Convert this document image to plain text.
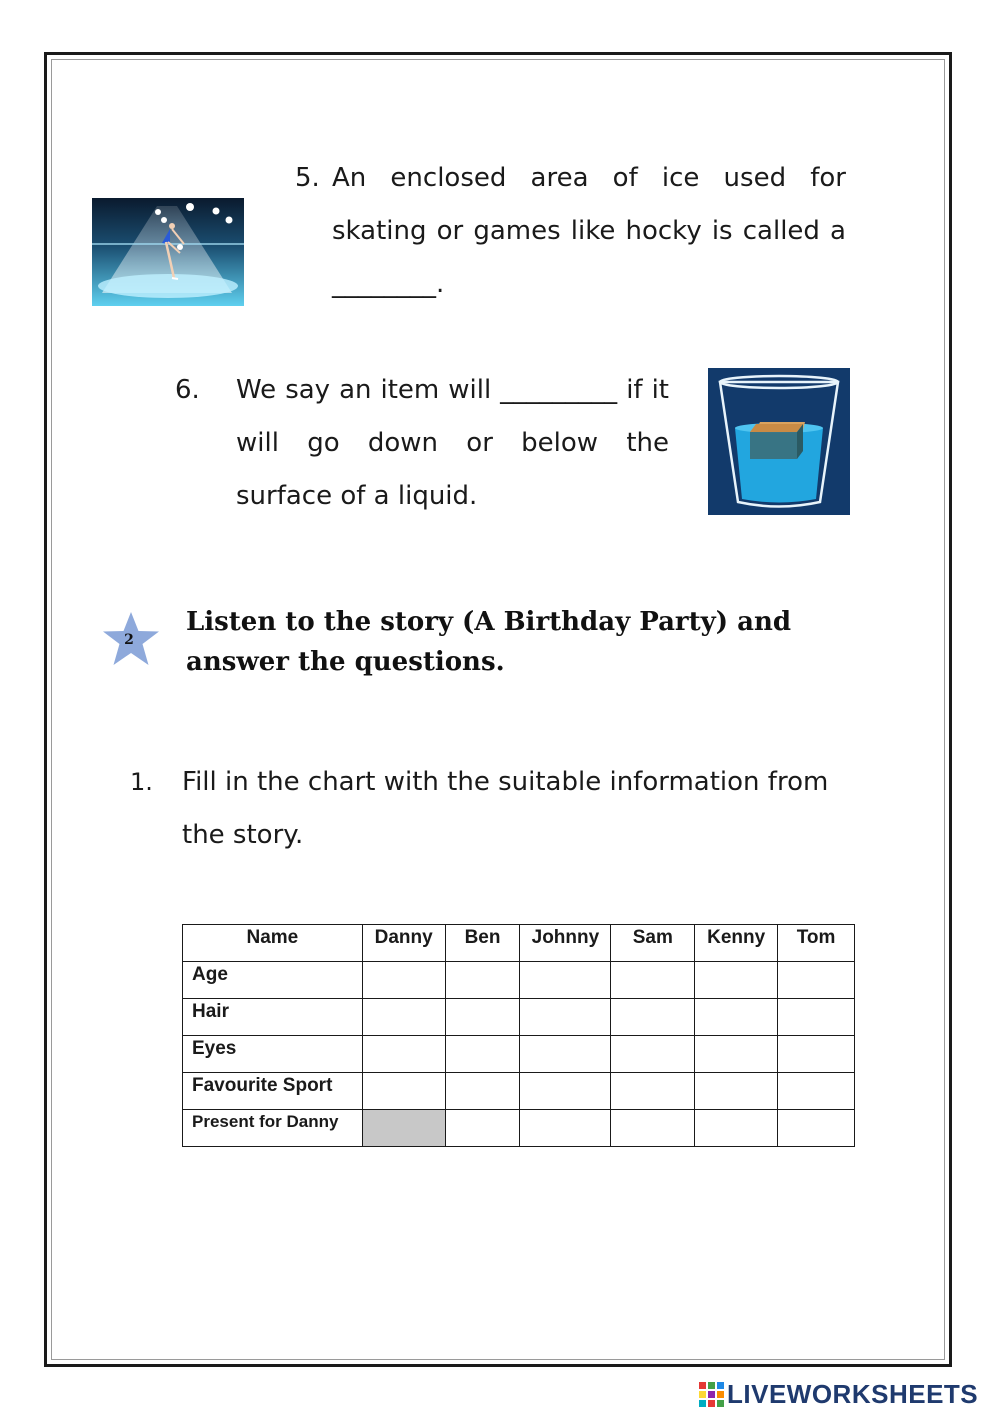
5. An enclosed area of ice used for skating or games like hocky is called a ________.
6. We say an item will _________ if it will go down or below the surface of a liquid.
2
Listen to the story (A Birthday Party) and answer the questions.
1. Fill in the chart with the suitable information from the story.
Name	Danny	Ben	Johnny	Sam	Kenny	Tom
Age						
Hair						
Eyes						
Favourite Sport						
Present for Danny						
LIVEWORKSHEETS
